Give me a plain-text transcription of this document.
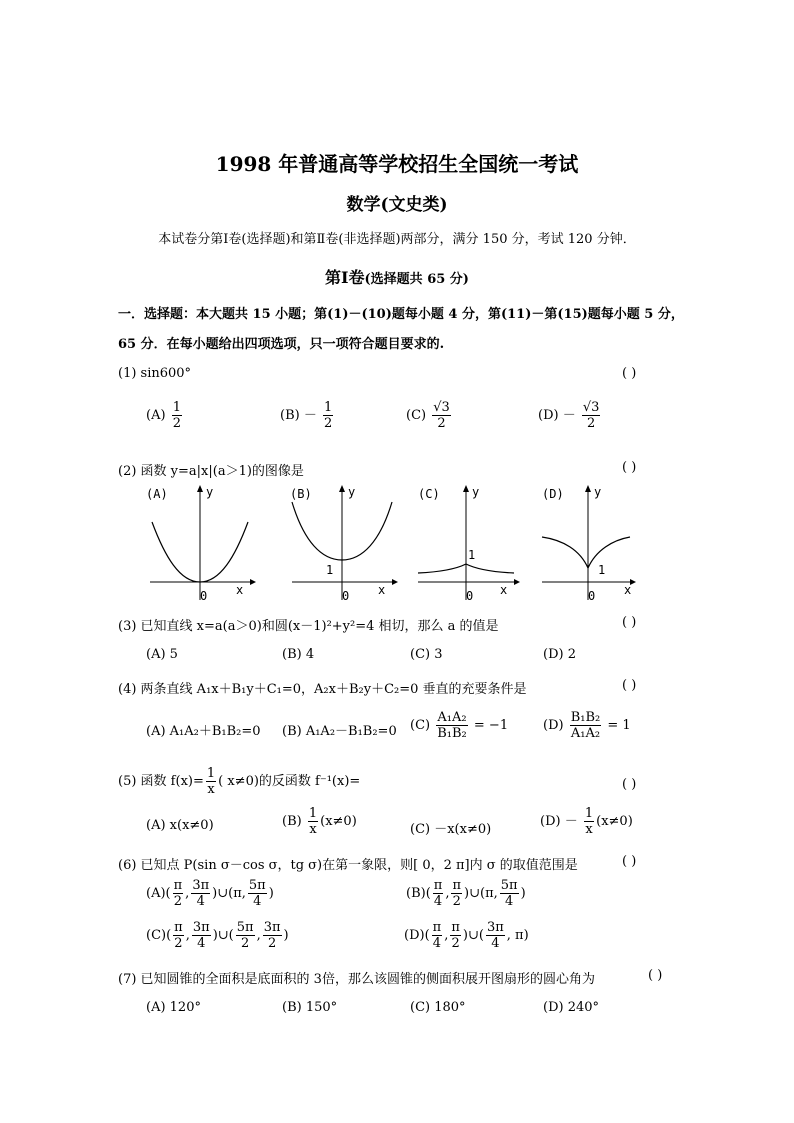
1998 年普通高等学校招生全国统一考试
数学(文史类)
本试卷分第Ⅰ卷(选择题)和第Ⅱ卷(非选择题)两部分，满分 150 分，考试 120 分钟．
第Ⅰ卷(选择题共 65 分)
一．选择题：本大题共 15 小题；第(1)－(10)题每小题 4 分，第(11)－第(15)题每小题 5 分，
65 分．在每小题给出四项选项，只一项符合题目要求的.
(1) sin600°	( )
$(A) \frac{1}{2}$	$(B) - \frac{1}{2}$	$(C) \frac{√3}{2}$	$(D) - \frac{√3}{2}$
(2) 函数 y=a|x|(a＞1)的图像是	( )
(A)	y
x
0
(B)	y
x
0
1
(C)	y
x
0
1
(D)	y
x
0
1
(3) 已知直线 x=a(a＞0)和圆(x－1)²+y²=4 相切，那么 a 的值是	( )
(A) 5	(B) 4	(C) 3	(D) 2
(4) 两条直线 A₁x＋B₁y＋C₁=0，A₂x＋B₂y＋C₂=0 垂直的充要条件是	( )
(A) A₁A₂＋B₁B₂=0 (B) A₁A₂－B₁B₂=0 $(C) \frac{\text{A₁A₂}}{\text{B₁B₂}} = -1$	$(D) \frac{\text{B₁B₂}}{\text{A₁A₂}} = 1$
(5) 函数 $f(x)= \frac{1}{x}$ ( x≠0)的反函数 f⁻¹(x)=	( )
(A) x(x≠0)	$(B) \frac{1}{x} (x\ne 0)$
(C) －x(x≠0)
$(D) - \frac{1}{x} (x\ne 0)$
(6) 已知点 P(sin σ－cos σ，tg σ)在第一象限，则[ 0，2 π]内 σ 的取值范围是	( )
$(A)( \frac{\pi}{2}$ , $\frac{3\pi}{4}$ )∪(π, $\frac{5\pi}{4}$ )	$(B)( \frac{\pi}{4}$ , $\frac{\pi}{2}$ )∪(π, $\frac{5\pi}{4}$ )
$(C)( \frac{\pi}{2}$ , $\frac{3\pi}{4}$ )∪( $\frac{5\pi}{2}$ , $\frac{3\pi}{2}$ )	$(D)( \frac{\pi}{4}$ , $\frac{\pi}{2}$ )∪( $\frac{3\pi}{4}$ , π)
(7) 已知圆锥的全面积是底面积的 3倍，那么该圆锥的侧面积展开图扇形的圆心角为	( )
(A) 120°	(B) 150°	(C) 180°	(D) 240°
